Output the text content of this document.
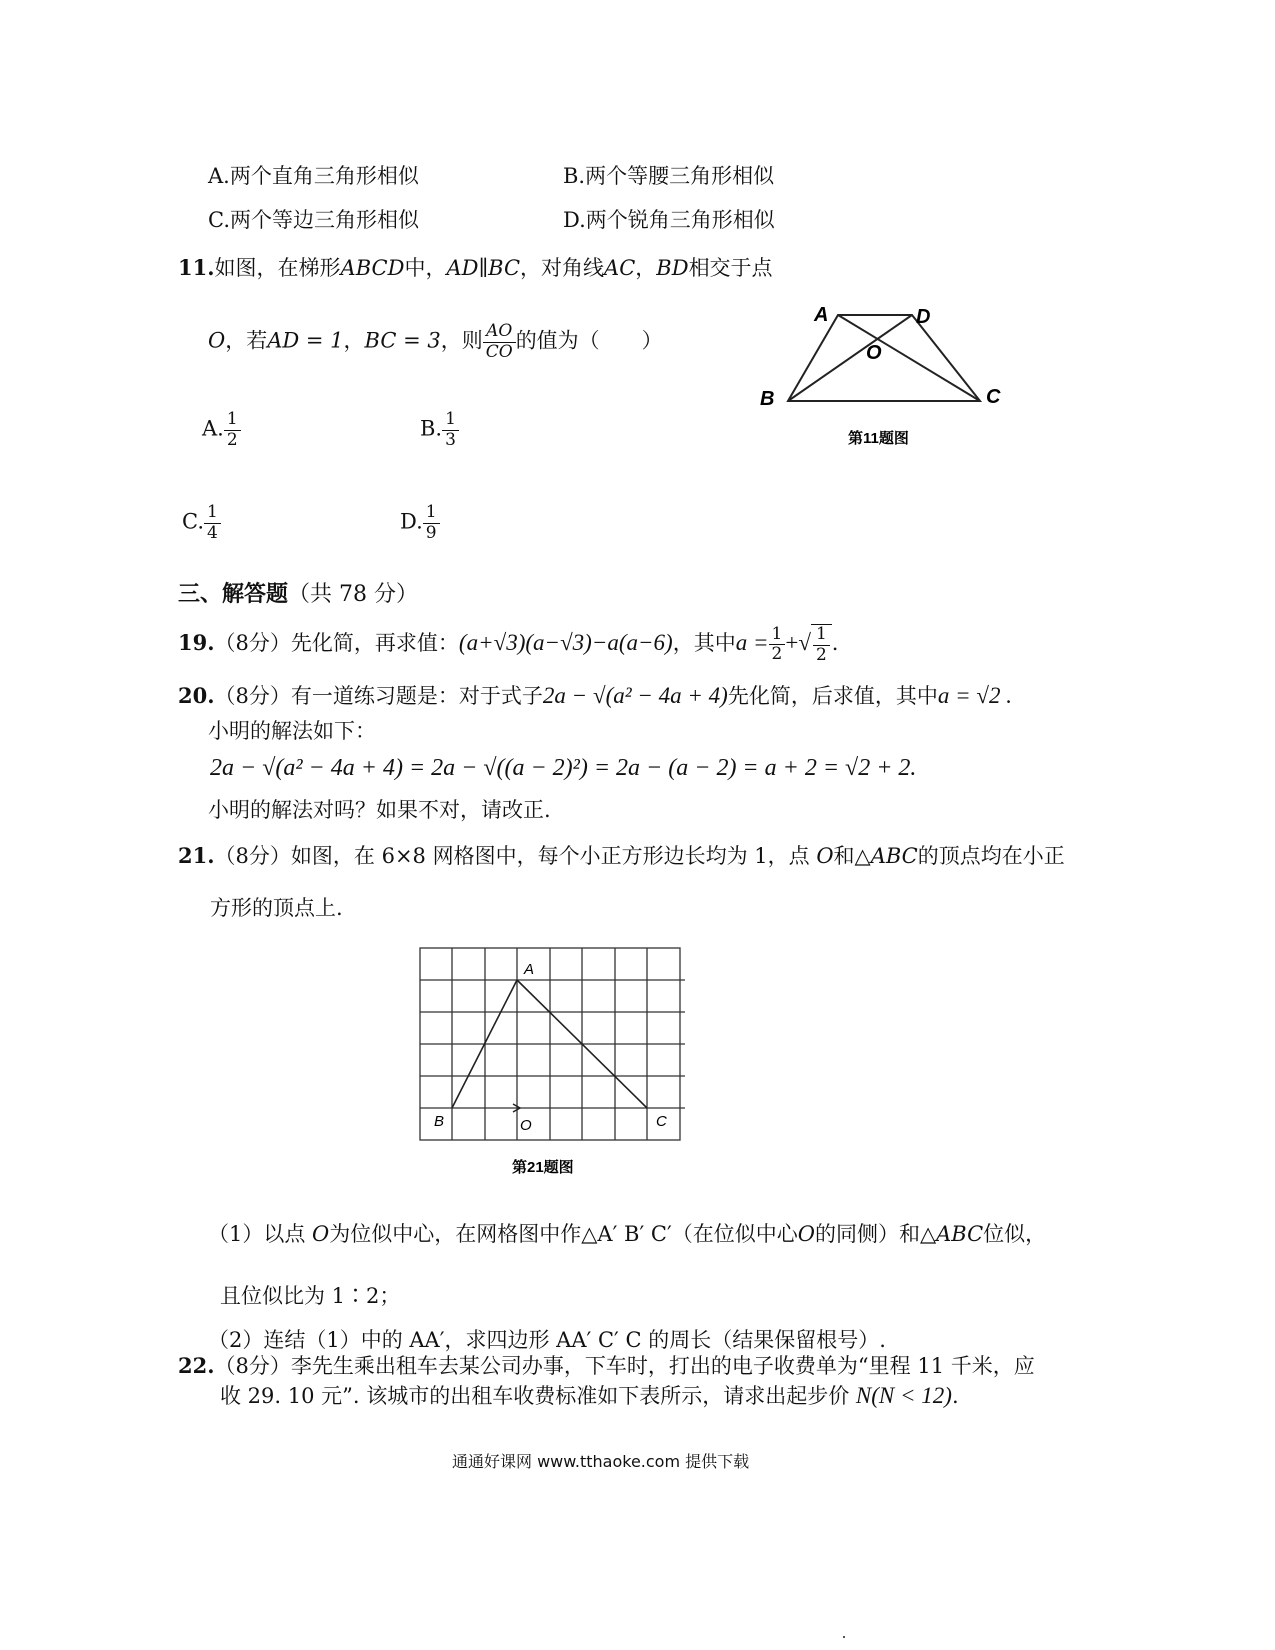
A.两个直角三角形相似	B.两个等腰三角形相似
C.两个等边三角形相似	D.两个锐角三角形相似
11.如图，在梯形ABCD中，AD∥BC，对角线AC，BD相交于点
O，若AD = 1，BC = 3，则 $\frac{AO}{CO}$ 的值为（　　）
A. $\frac{1}{2}$	B. $\frac{1}{3}$
C. $\frac{1}{4}$	D. $\frac{1}{9}$
A	D
O
B	C
第11题图
三、解答题（共 78 分）
19.（8分）先化简，再求值：(a+√3)(a−√3)−a(a−6)，其中$a = \frac{1}{2}$ +√ $\frac{1}{2}$ .
20.（8分）有一道练习题是：对于式子2a − √(a² − 4a + 4)先化简，后求值，其中a = √2 .
小明的解法如下：
2a − √(a² − 4a + 4) = 2a − √((a − 2)²) = 2a − (a − 2) = a + 2 = √2 + 2.
小明的解法对吗？如果不对，请改正.
21.（8分）如图，在 6×8 网格图中，每个小正方形边长均为 1，点 O和△ABC的顶点均在小正
方形的顶点上.
A
B	O	C
第21题图
（1）以点 O为位似中心，在网格图中作△A′ B′ C′（在位似中心O的同侧）和△ABC位似，
且位似比为 1∶2；
（2）连结（1）中的 AA′，求四边形 AA′ C′ C 的周长（结果保留根号）.
22.（8分）李先生乘出租车去某公司办事，下车时，打出的电子收费单为“里程 11 千米，应
收 29. 10 元”. 该城市的出租车收费标准如下表所示，请求出起步价 N(N < 12).
通通好课网 www.tthaoke.com 提供下载
